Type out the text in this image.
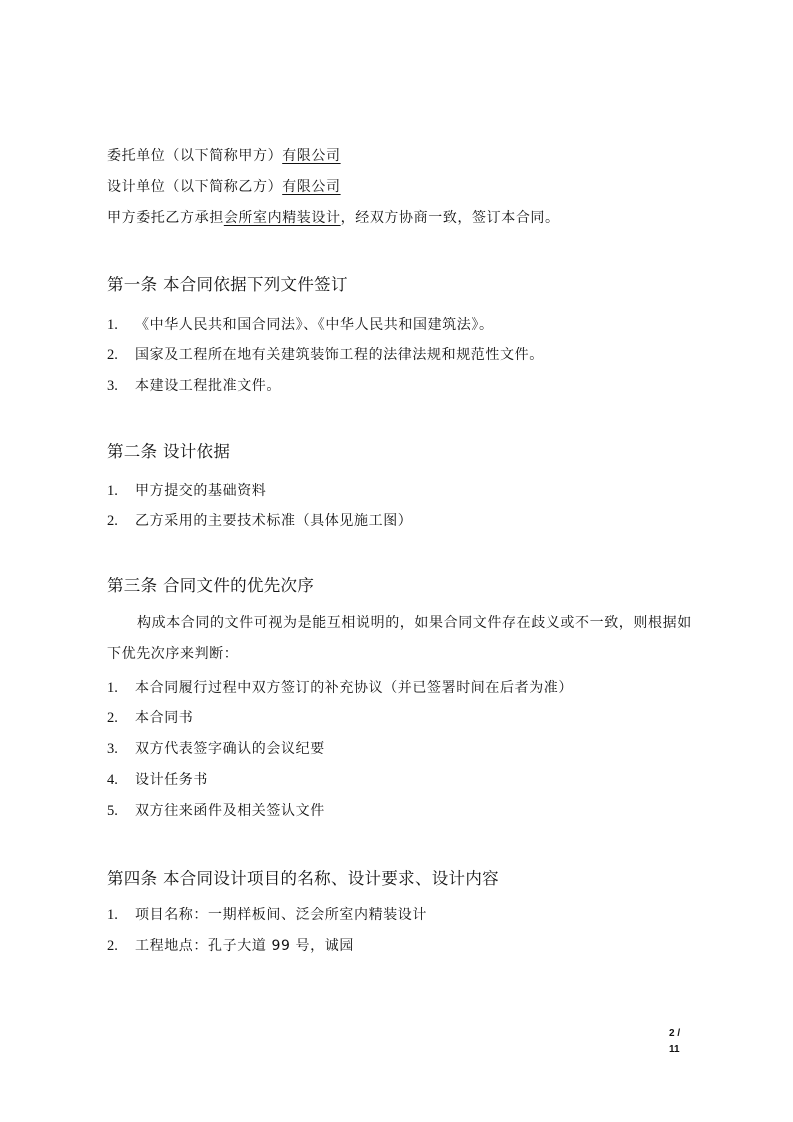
委托单位（以下简称甲方）有限公司
设计单位（以下简称乙方）有限公司
甲方委托乙方承担会所室内精装设计，经双方协商一致，签订本合同。
第一条 本合同依据下列文件签订
1. 《中华人民共和国合同法》、《中华人民共和国建筑法》。
2. 国家及工程所在地有关建筑装饰工程的法律法规和规范性文件。
3. 本建设工程批准文件。
第二条 设计依据
1. 甲方提交的基础资料
2. 乙方采用的主要技术标准（具体见施工图）
第三条 合同文件的优先次序
构成本合同的文件可视为是能互相说明的，如果合同文件存在歧义或不一致，则根据如下优先次序来判断：
1. 本合同履行过程中双方签订的补充协议（并已签署时间在后者为准）
2. 本合同书
3. 双方代表签字确认的会议纪要
4. 设计任务书
5. 双方往来函件及相关签认文件
第四条 本合同设计项目的名称、设计要求、设计内容
1. 项目名称：一期样板间、泛会所室内精装设计
2. 工程地点：孔子大道 99 号，诚园
2 / 11
